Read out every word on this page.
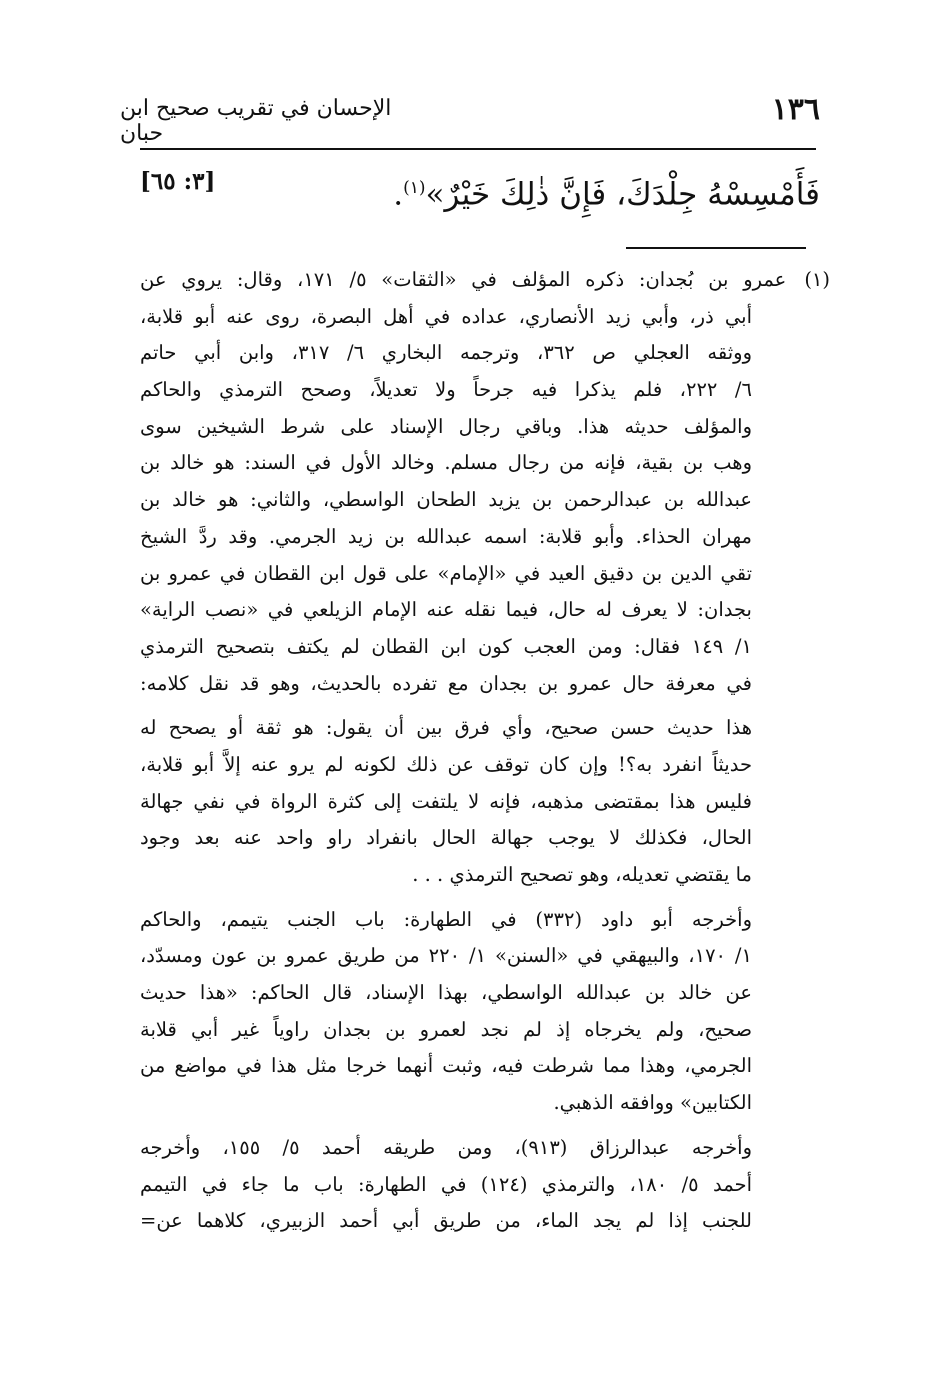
١٣٦
الإحسان في تقريب صحيح ابن حبان
فَأَمْسِسْهُ جِلْدَكَ، فَإِنَّ ذٰلِكَ خَيْرٌ»$^{(١)}$.
[٣: ٦٥]
(١)عمرو بن بُجدان: ذكره المؤلف في «الثقات» ٥/ ١٧١، وقال: يروي عن
أبي ذر، وأبي زيد الأنصاري، عداده في أهل البصرة، روى عنه أبو قلابة،
ووثقه العجلي ص ٣٦٢، وترجمه البخاري ٦/ ٣١٧، وابن أبي حاتم
٦/ ٢٢٢، فلم يذكرا فيه جرحاً ولا تعديلاً، وصحح الترمذي والحاكم
والمؤلف حديثه هذا. وباقي رجال الإسناد على شرط الشيخين سوى
وهب بن بقية، فإنه من رجال مسلم. وخالد الأول في السند: هو خالد بن
عبدالله بن عبدالرحمن بن يزيد الطحان الواسطي، والثاني: هو خالد بن
مهران الحذاء. وأبو قلابة: اسمه عبدالله بن زيد الجرمي. وقد ردَّ الشيخ
تقي الدين بن دقيق العيد في «الإمام» على قول ابن القطان في عمرو بن
بجدان: لا يعرف له حال، فيما نقله عنه الإمام الزيلعي في «نصب الراية»
١/ ١٤٩ فقال: ومن العجب كون ابن القطان لم يكتف بتصحيح الترمذي
في معرفة حال عمرو بن بجدان مع تفرده بالحديث، وهو قد نقل كلامه:
هذا حديث حسن صحيح، وأي فرق بين أن يقول: هو ثقة أو يصحح له
حديثاً انفرد به؟! وإن كان توقف عن ذلك لكونه لم يرو عنه إلاَّ أبو قلابة،
فليس هذا بمقتضى مذهبه، فإنه لا يلتفت إلى كثرة الرواة في نفي جهالة
الحال، فكذلك لا يوجب جهالة الحال بانفراد راو واحد عنه بعد وجود
ما يقتضي تعديله، وهو تصحيح الترمذي . . .
وأخرجه أبو داود (٣٣٢) في الطهارة: باب الجنب يتيمم، والحاكم
١/ ١٧٠، والبيهقي في «السنن» ١/ ٢٢٠ من طريق عمرو بن عون ومسدّد،
عن خالد بن عبدالله الواسطي، بهذا الإسناد، قال الحاكم: «هذا حديث
صحيح، ولم يخرجاه إذ لم نجد لعمرو بن بجدان راوياً غير أبي قلابة
الجرمي، وهذا مما شرطت فيه، وثبت أنهما خرجا مثل هذا في مواضع من
الكتابين» ووافقه الذهبي.
وأخرجه عبدالرزاق (٩١٣)، ومن طريقه أحمد ٥/ ١٥٥، وأخرجه
أحمد ٥/ ١٨٠، والترمذي (١٢٤) في الطهارة: باب ما جاء في التيمم
للجنب إذا لم يجد الماء، من طريق أبي أحمد الزبيري، كلاهما عن=
